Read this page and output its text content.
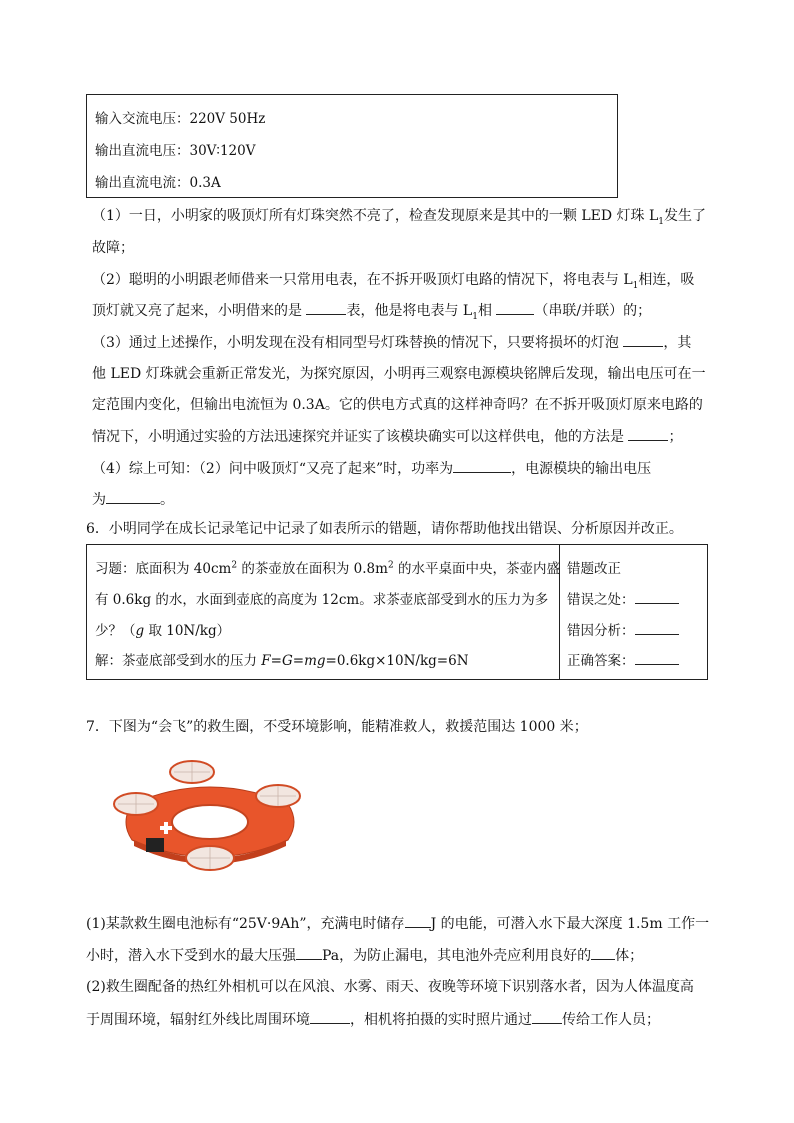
输入交流电压：220V 50Hz
输出直流电压：30V∶120V
输出直流电流：0.3A
（1）一日，小明家的吸顶灯所有灯珠突然不亮了，检查发现原来是其中的一颗 LED 灯珠 $L_1$发生了
故障；
（2）聪明的小明跟老师借来一只常用电表，在不拆开吸顶灯电路的情况下，将电表与 $L_1$相连，吸
顶灯就又亮了起来，小明借来的是	表，他是将电表与 $L_1$相	（串联/并联）的；
（3）通过上述操作，小明发现在没有相同型号灯珠替换的情况下，只要将损坏的灯泡	，其
他 LED 灯珠就会重新正常发光，为探究原因，小明再三观察电源模块铭牌后发现，输出电压可在一
定范围内变化，但输出电流恒为 0.3A。它的供电方式真的这样神奇吗？在不拆开吸顶灯原来电路的
情况下，小明通过实验的方法迅速探究并证实了该模块确实可以这样供电，他的方法是	；
（4）综上可知：（2）问中吸顶灯“又亮了起来”时，功率为	，电源模块的输出电压
为	。
6．小明同学在成长记录笔记中记录了如表所示的错题，请你帮助他找出错误、分析原因并改正。
习题：底面积为 $40cm^2$ 的茶壶放在面积为 $0.8m^2$ 的水平桌面中央，茶壶内盛
有 0.6kg 的水，水面到壶底的高度为 12cm。求茶壶底部受到水的压力为多
少？（g 取 10N/kg）
解：茶壶底部受到水的压力 F=G=mg=0.6kg×10N/kg=6N
错题改正
错误之处：
错因分析：
正确答案：
7．下图为“会飞”的救生圈，不受环境影响，能精准救人，救援范围达 1000 米；
(1)某款救生圈电池标有“25V·9Ah”，充满电时储存 J 的电能，可潜入水下最大深度 1.5m 工作一
小时，潜入水下受到水的最大压强 Pa，为防止漏电，其电池外壳应利用良好的 体；
(2)救生圈配备的热红外相机可以在风浪、水雾、雨天、夜晚等环境下识别落水者，因为人体温度高
于周围环境，辐射红外线比周围环境	，相机将拍摄的实时照片通过 传给工作人员；
